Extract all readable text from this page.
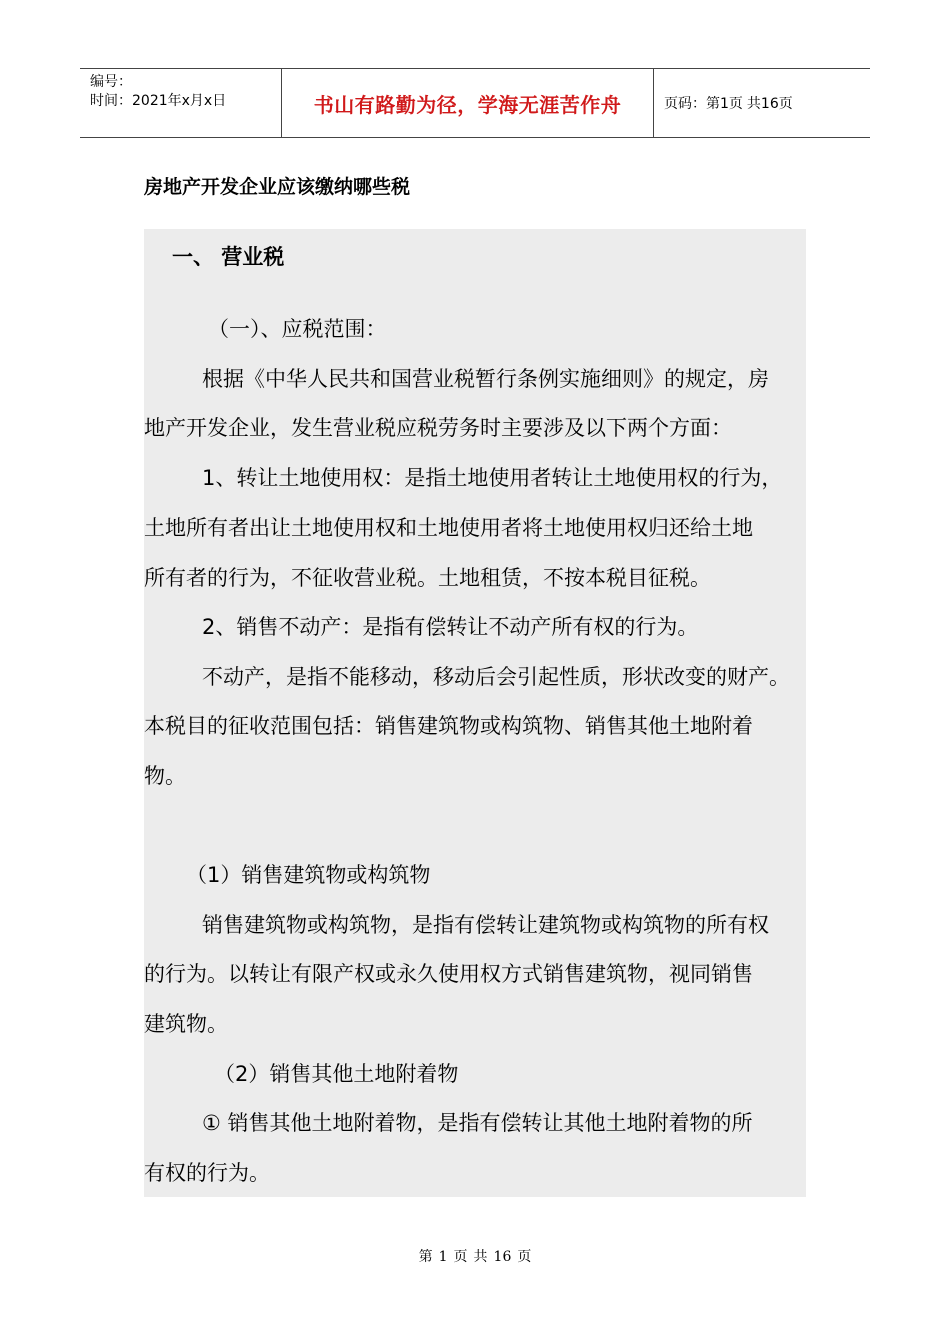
编号：
时间：2021年x月x日	书山有路勤为径，学海无涯苦作舟	页码：第1页 共16页
房地产开发企业应该缴纳哪些税
一、 营业税
（一）、应税范围：
根据《中华人民共和国营业税暂行条例实施细则》的规定，房
地产开发企业，发生营业税应税劳务时主要涉及以下两个方面：
1、转让土地使用权：是指土地使用者转让土地使用权的行为，
土地所有者出让土地使用权和土地使用者将土地使用权归还给土地
所有者的行为，不征收营业税。土地租赁，不按本税目征税。
2、销售不动产：是指有偿转让不动产所有权的行为。
不动产，是指不能移动，移动后会引起性质，形状改变的财产。
本税目的征收范围包括：销售建筑物或构筑物、销售其他土地附着
物。
（1）销售建筑物或构筑物
销售建筑物或构筑物，是指有偿转让建筑物或构筑物的所有权
的行为。以转让有限产权或永久使用权方式销售建筑物，视同销售
建筑物。
（2）销售其他土地附着物
① 销售其他土地附着物，是指有偿转让其他土地附着物的所
有权的行为。
第 1 页 共 16 页
